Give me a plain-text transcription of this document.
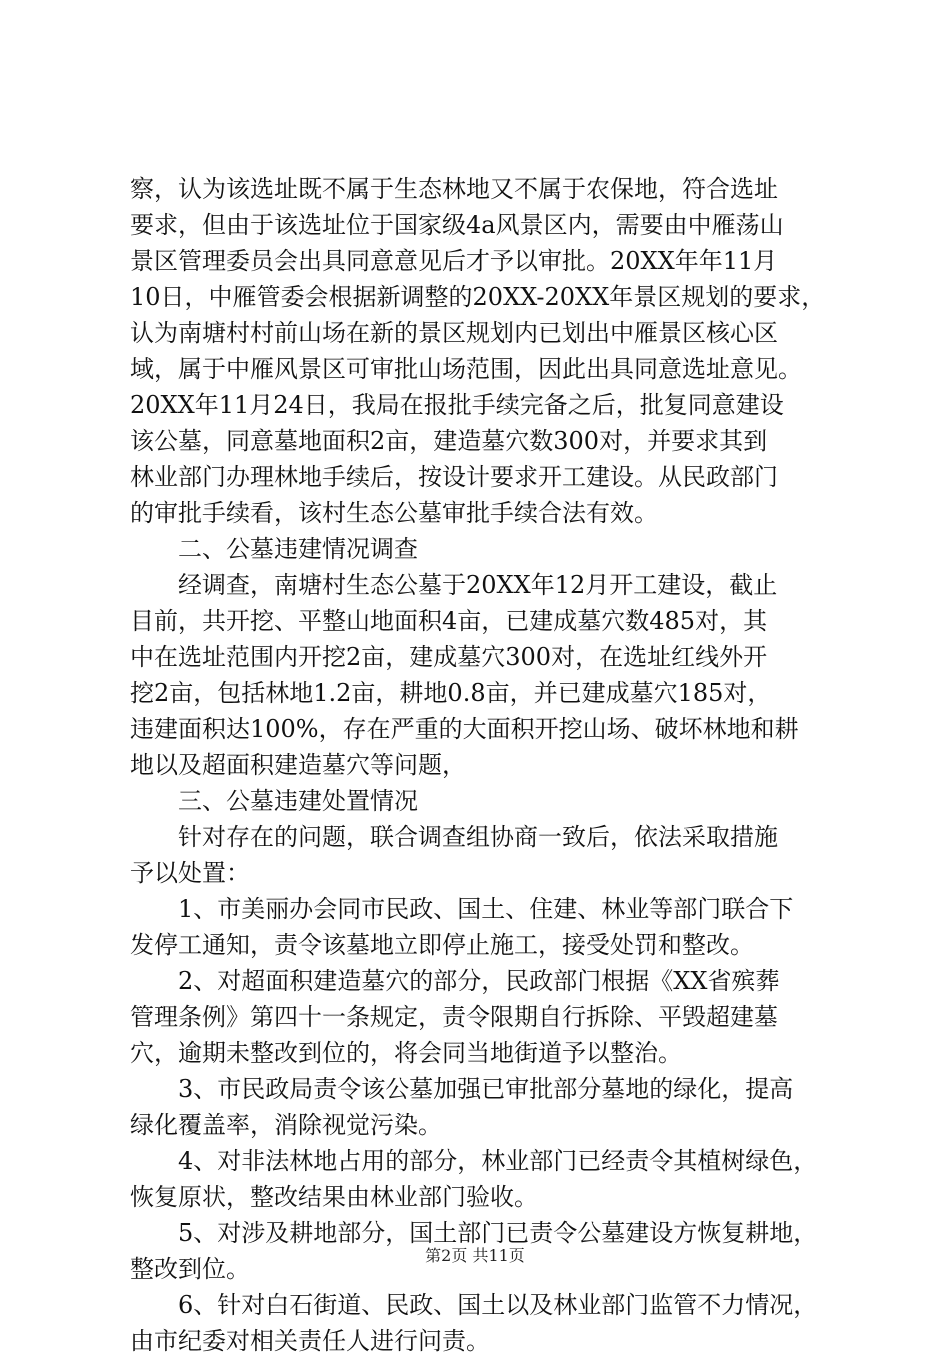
察，认为该选址既不属于生态林地又不属于农保地，符合选址
要求，但由于该选址位于国家级4a风景区内，需要由中雁荡山
景区管理委员会出具同意意见后才予以审批。20XX年年11月
10日，中雁管委会根据新调整的20XX-20XX年景区规划的要求，
认为南塘村村前山场在新的景区规划内已划出中雁景区核心区
域，属于中雁风景区可审批山场范围，因此出具同意选址意见。
20XX年11月24日，我局在报批手续完备之后，批复同意建设
该公墓，同意墓地面积2亩，建造墓穴数300对，并要求其到
林业部门办理林地手续后，按设计要求开工建设。从民政部门
的审批手续看，该村生态公墓审批手续合法有效。
二、公墓违建情况调查
经调查，南塘村生态公墓于20XX年12月开工建设，截止
目前，共开挖、平整山地面积4亩，已建成墓穴数485对，其
中在选址范围内开挖2亩，建成墓穴300对，在选址红线外开
挖2亩，包括林地1.2亩，耕地0.8亩，并已建成墓穴185对，
违建面积达100%，存在严重的大面积开挖山场、破坏林地和耕
地以及超面积建造墓穴等问题，
三、公墓违建处置情况
针对存在的问题，联合调查组协商一致后，依法采取措施
予以处置：
1、市美丽办会同市民政、国土、住建、林业等部门联合下
发停工通知，责令该墓地立即停止施工，接受处罚和整改。
2、对超面积建造墓穴的部分，民政部门根据《XX省殡葬
管理条例》第四十一条规定，责令限期自行拆除、平毁超建墓
穴，逾期未整改到位的，将会同当地街道予以整治。
3、市民政局责令该公墓加强已审批部分墓地的绿化，提高
绿化覆盖率，消除视觉污染。
4、对非法林地占用的部分，林业部门已经责令其植树绿色，
恢复原状，整改结果由林业部门验收。
5、对涉及耕地部分，国土部门已责令公墓建设方恢复耕地，
整改到位。
6、针对白石街道、民政、国土以及林业部门监管不力情况，
由市纪委对相关责任人进行问责。
第2页 共11页
